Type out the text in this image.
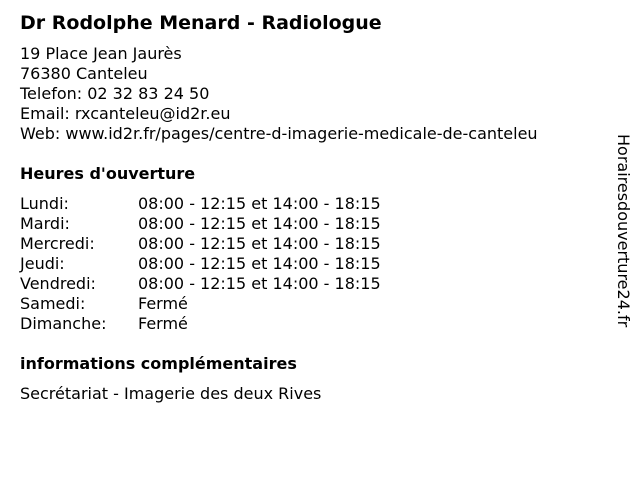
Dr Rodolphe Menard - Radiologue
19 Place Jean Jaurès
76380 Canteleu
Telefon: 02 32 83 24 50
Email: rxcanteleu@id2r.eu
Web: www.id2r.fr/pages/centre-d-imagerie-medicale-de-canteleu
Heures d'ouverture
Lundi:	08:00 - 12:15 et 14:00 - 18:15
Mardi:	08:00 - 12:15 et 14:00 - 18:15
Mercredi:	08:00 - 12:15 et 14:00 - 18:15
Jeudi:	08:00 - 12:15 et 14:00 - 18:15
Vendredi:	08:00 - 12:15 et 14:00 - 18:15
Samedi:	Fermé
Dimanche:	Fermé
informations complémentaires
Secrétariat - Imagerie des deux Rives
Horairesdouverture24.fr
